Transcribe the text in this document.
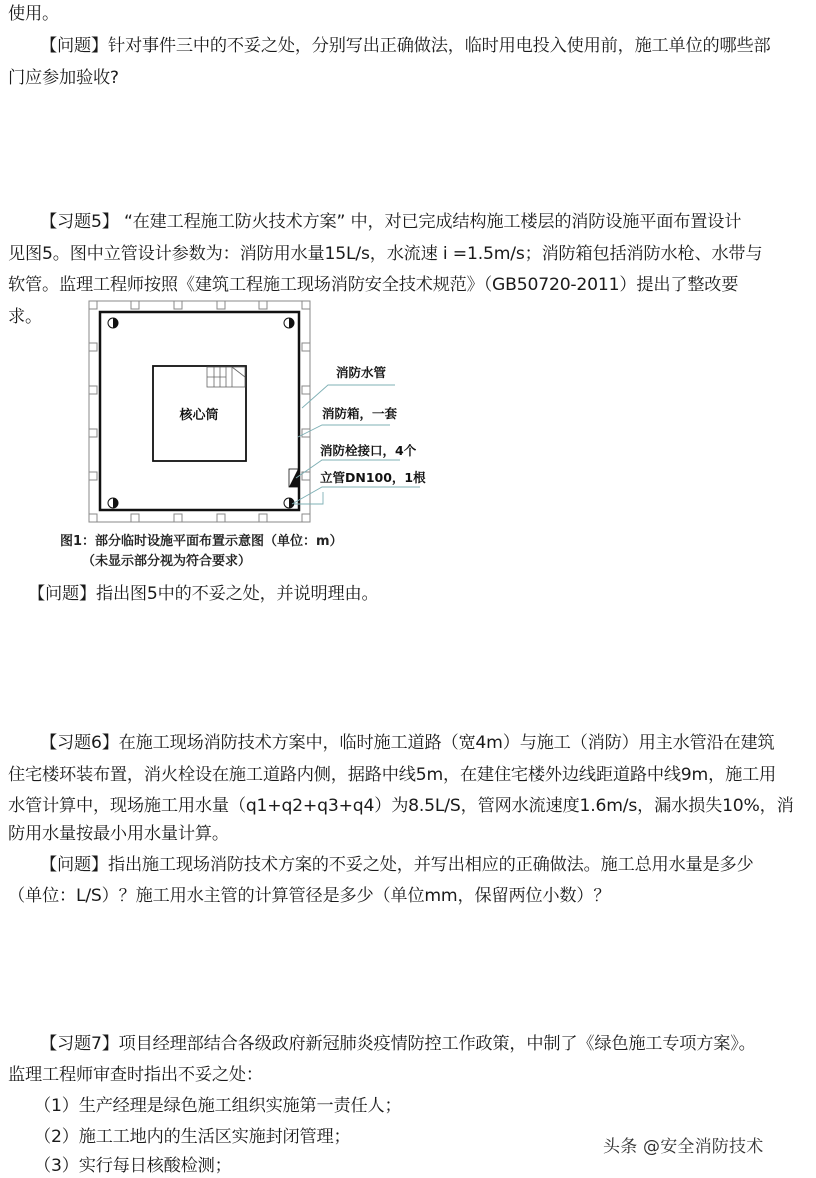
使用。
【问题】针对事件三中的不妥之处，分别写出正确做法，临时用电投入使用前，施工单位的哪些部
门应参加验收?
【习题5】 “在建工程施工防火技术方案” 中，对已完成结构施工楼层的消防设施平面布置设计
见图5。图中立管设计参数为：消防用水量15L/s，水流速 i =1.5m/s；消防箱包括消防水枪、水带与
软管。监理工程师按照《建筑工程施工现场消防安全技术规范》（GB50720-2011）提出了整改要
求。
核心筒
消防水管
消防箱，一套
消防栓接口，4个
立管DN100，1根
图1：部分临时设施平面布置示意图（单位：m）
（未显示部分视为符合要求）
【问题】指出图5中的不妥之处，并说明理由。
【习题6】在施工现场消防技术方案中，临时施工道路（宽4m）与施工（消防）用主水管沿在建筑
住宅楼环装布置，消火栓设在施工道路内侧，据路中线5m，在建住宅楼外边线距道路中线9m，施工用
水管计算中，现场施工用水量（q1+q2+q3+q4）为8.5L/S，管网水流速度1.6m/s，漏水损失10%，消
防用水量按最小用水量计算。
【问题】指出施工现场消防技术方案的不妥之处，并写出相应的正确做法。施工总用水量是多少
（单位：L/S）？施工用水主管的计算管径是多少（单位mm，保留两位小数）？
【习题7】项目经理部结合各级政府新冠肺炎疫情防控工作政策，中制了《绿色施工专项方案》。
监理工程师审查时指出不妥之处：
（1）生产经理是绿色施工组织实施第一责任人；
（2）施工工地内的生活区实施封闭管理；
（3）实行每日核酸检测；
头条 @安全消防技术
